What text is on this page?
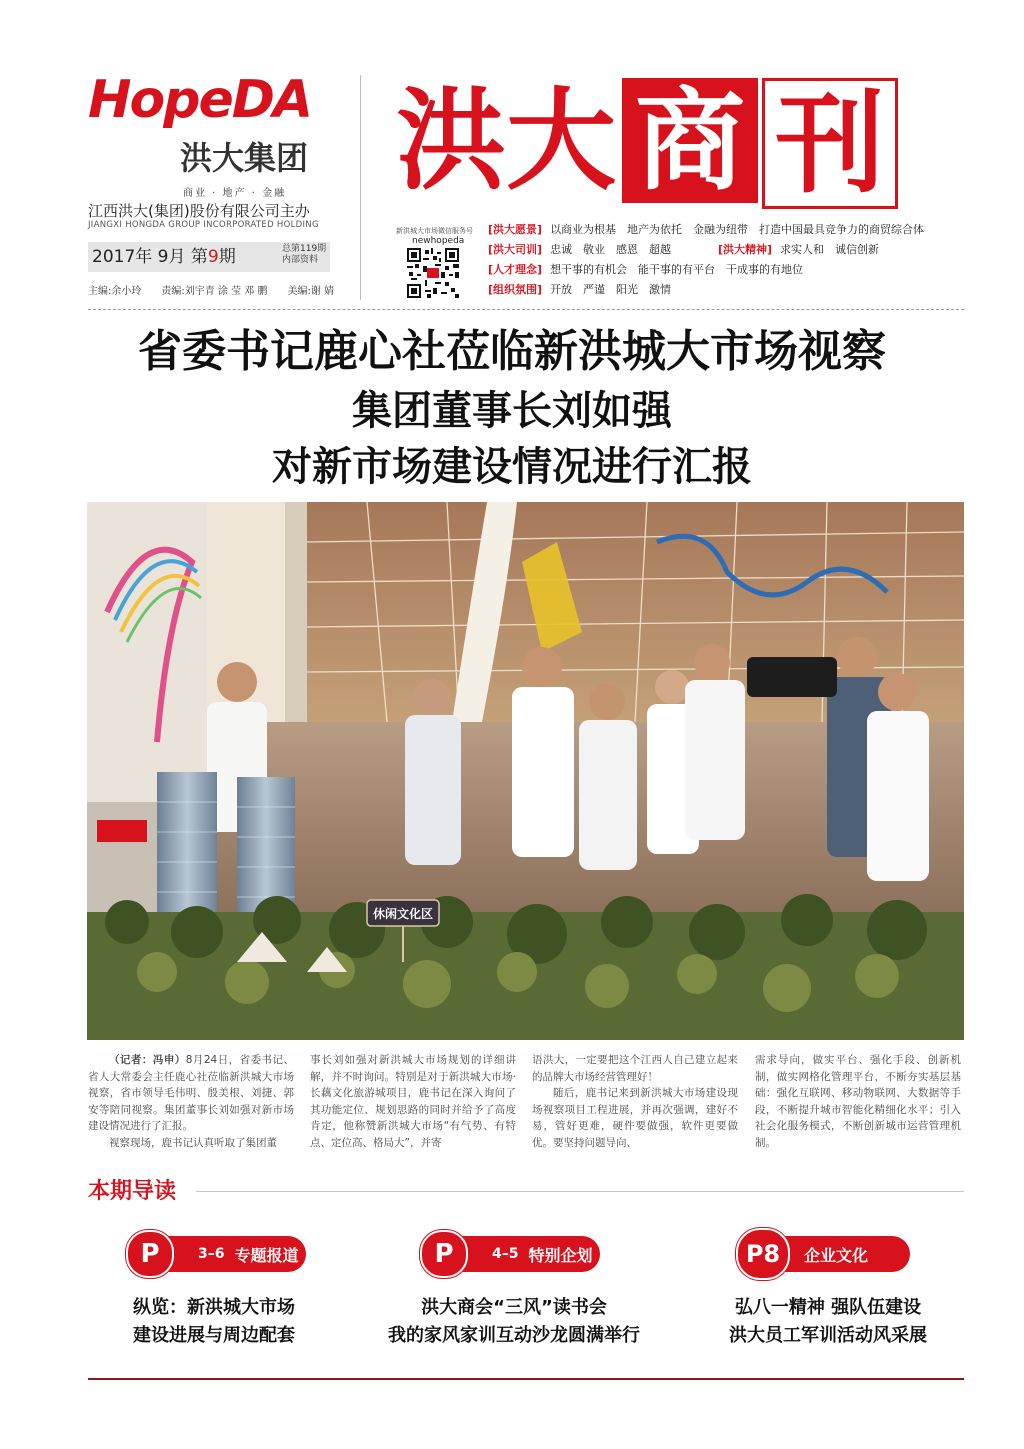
HopeDA
洪大集团
商业 · 地产 · 金融
江西洪大(集团)股份有限公司主办
JIANGXI HONGDA GROUP INCORPORATED HOLDING
2017年 9月 第9期	总第119期
内部资料
主编:余小玲　　责编:刘宇青 涂 莹 邓 鹏　　美编:谢 婧
洪大 商 刊
新洪城大市场微信服务号
newhopeda
[洪大愿景] 以商业为根基　地产为依托　金融为纽带　打造中国最具竞争力的商贸综合体
[洪大司训] 忠诚　敬业　感恩　超越	[洪大精神] 求实人和　诚信创新
[人才理念] 想干事的有机会　能干事的有平台　干成事的有地位
[组织氛围] 开放　严谨　阳光　激情
省委书记鹿心社莅临新洪城大市场视察
集团董事长刘如强
对新市场建设情况进行汇报
休闲文化区

（记者：冯申）8月24日，省委书记、省人大常委会主任鹿心社莅临新洪城大市场视察，省市领导毛伟明、殷美根、刘捷、郭安等陪同视察。集团董事长刘如强对新市场建设情况进行了汇报。

视察现场，鹿书记认真听取了集团董

事长刘如强对新洪城大市场规划的详细讲解，并不时询问。特别是对于新洪城大市场·长藕文化旅游城项目，鹿书记在深入询问了其功能定位、规划思路的同时并给予了高度肯定，他称赞新洪城大市场“有气势、有特点、定位高、格局大”，并寄
语洪大，一定要把这个江西人自己建立起来的品牌大市场经营管理好！

随后，鹿书记来到新洪城大市场建设现场视察项目工程进展，并再次强调，建好不易，管好更难，硬件要做强，软件更要做优。要坚持问题导向、

需求导向，做实平台、强化手段、创新机制，做实网格化管理平台，不断夯实基层基础：强化互联网、移动物联网、大数据等手段，不断提升城市智能化精细化水平；引入社会化服务模式，不断创新城市运营管理机制。
本期导读
3–6 专题报道
P
纵览：新洪城大市场
建设进展与周边配套
4–5 特别企划
P
洪大商会“三风”读书会
我的家风家训互动沙龙圆满举行
企业文化
P8
弘八一精神 强队伍建设
洪大员工军训活动风采展
